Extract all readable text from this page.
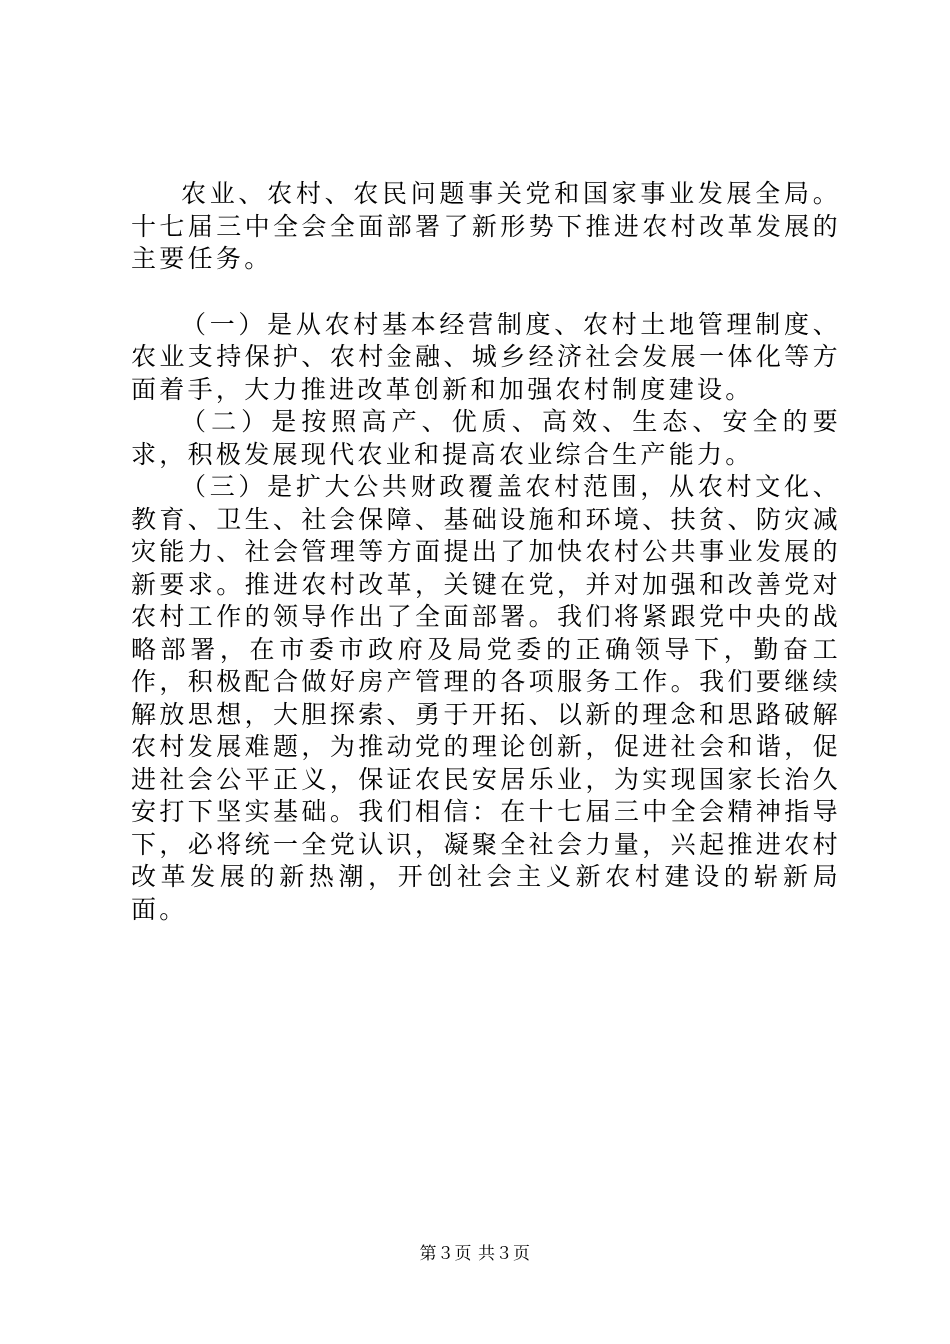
农业、农村、农民问题事关党和国家事业发展全局。十七届三中全会全面部署了新形势下推进农村改革发展的主要任务。

（一）是从农村基本经营制度、农村土地管理制度、农业支持保护、农村金融、城乡经济社会发展一体化等方面着手，大力推进改革创新和加强农村制度建设。

（二）是按照高产、优质、高效、生态、安全的要求，积极发展现代农业和提高农业综合生产能力。

（三）是扩大公共财政覆盖农村范围，从农村文化、教育、卫生、社会保障、基础设施和环境、扶贫、防灾减灾能力、社会管理等方面提出了加快农村公共事业发展的新要求。推进农村改革，关键在党，并对加强和改善党对农村工作的领导作出了全面部署。我们将紧跟党中央的战略部署，在市委市政府及局党委的正确领导下，勤奋工作，积极配合做好房产管理的各项服务工作。我们要继续解放思想，大胆探索、勇于开拓、以新的理念和思路破解农村发展难题，为推动党的理论创新，促进社会和谐，促进社会公平正义，保证农民安居乐业，为实现国家长治久安打下坚实基础。我们相信：在十七届三中全会精神指导下，必将统一全党认识，凝聚全社会力量，兴起推进农村改革发展的新热潮，开创社会主义新农村建设的崭新局面。

第３页 共３页
